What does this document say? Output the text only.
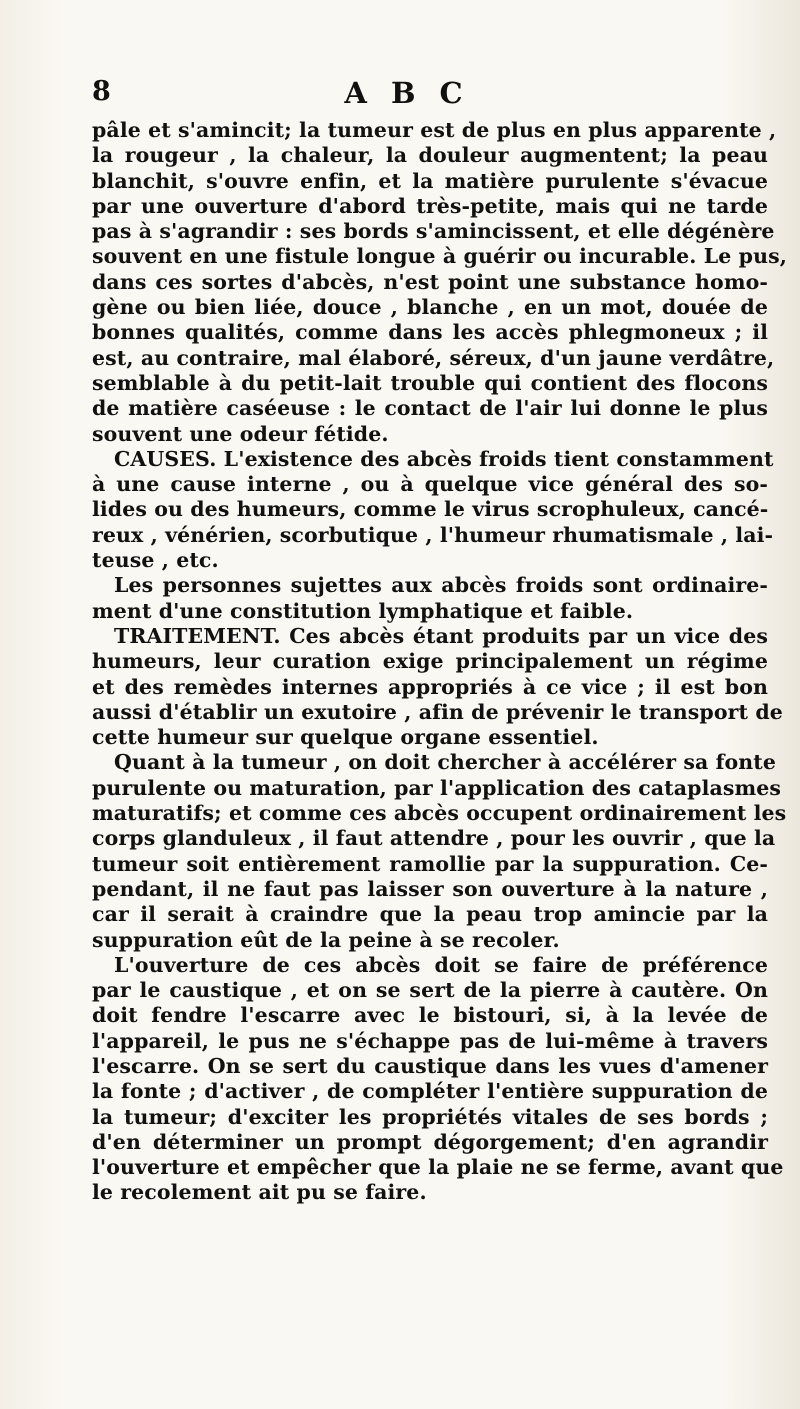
8	A B C
pâle et s'amincit; la tumeur est de plus en plus apparente ,
la rougeur , la chaleur, la douleur augmentent; la peau
blanchit, s'ouvre enfin, et la matière purulente s'évacue
par une ouverture d'abord très-petite, mais qui ne tarde
pas à s'agrandir : ses bords s'amincissent, et elle dégénère
souvent en une fistule longue à guérir ou incurable. Le pus,
dans ces sortes d'abcès, n'est point une substance homo-
gène ou bien liée, douce , blanche , en un mot, douée de
bonnes qualités, comme dans les accès phlegmoneux ; il
est, au contraire, mal élaboré, séreux, d'un jaune verdâtre,
semblable à du petit-lait trouble qui contient des flocons
de matière caséeuse : le contact de l'air lui donne le plus
souvent une odeur fétide.
CAUSES. L'existence des abcès froids tient constamment
à une cause interne , ou à quelque vice général des so-
lides ou des humeurs, comme le virus scrophuleux, cancé-
reux , vénérien, scorbutique , l'humeur rhumatismale , lai-
teuse , etc.
Les personnes sujettes aux abcès froids sont ordinaire-
ment d'une constitution lymphatique et faible.
TRAITEMENT. Ces abcès étant produits par un vice des
humeurs, leur curation exige principalement un régime
et des remèdes internes appropriés à ce vice ; il est bon
aussi d'établir un exutoire , afin de prévenir le transport de
cette humeur sur quelque organe essentiel.
Quant à la tumeur , on doit chercher à accélérer sa fonte
purulente ou maturation, par l'application des cataplasmes
maturatifs; et comme ces abcès occupent ordinairement les
corps glanduleux , il faut attendre , pour les ouvrir , que la
tumeur soit entièrement ramollie par la suppuration. Ce-
pendant, il ne faut pas laisser son ouverture à la nature ,
car il serait à craindre que la peau trop amincie par la
suppuration eût de la peine à se recoler.
L'ouverture de ces abcès doit se faire de préférence
par le caustique , et on se sert de la pierre à cautère. On
doit fendre l'escarre avec le bistouri, si, à la levée de
l'appareil, le pus ne s'échappe pas de lui-même à travers
l'escarre. On se sert du caustique dans les vues d'amener
la fonte ; d'activer , de compléter l'entière suppuration de
la tumeur; d'exciter les propriétés vitales de ses bords ;
d'en déterminer un prompt dégorgement; d'en agrandir
l'ouverture et empêcher que la plaie ne se ferme, avant que
le recolement ait pu se faire.
